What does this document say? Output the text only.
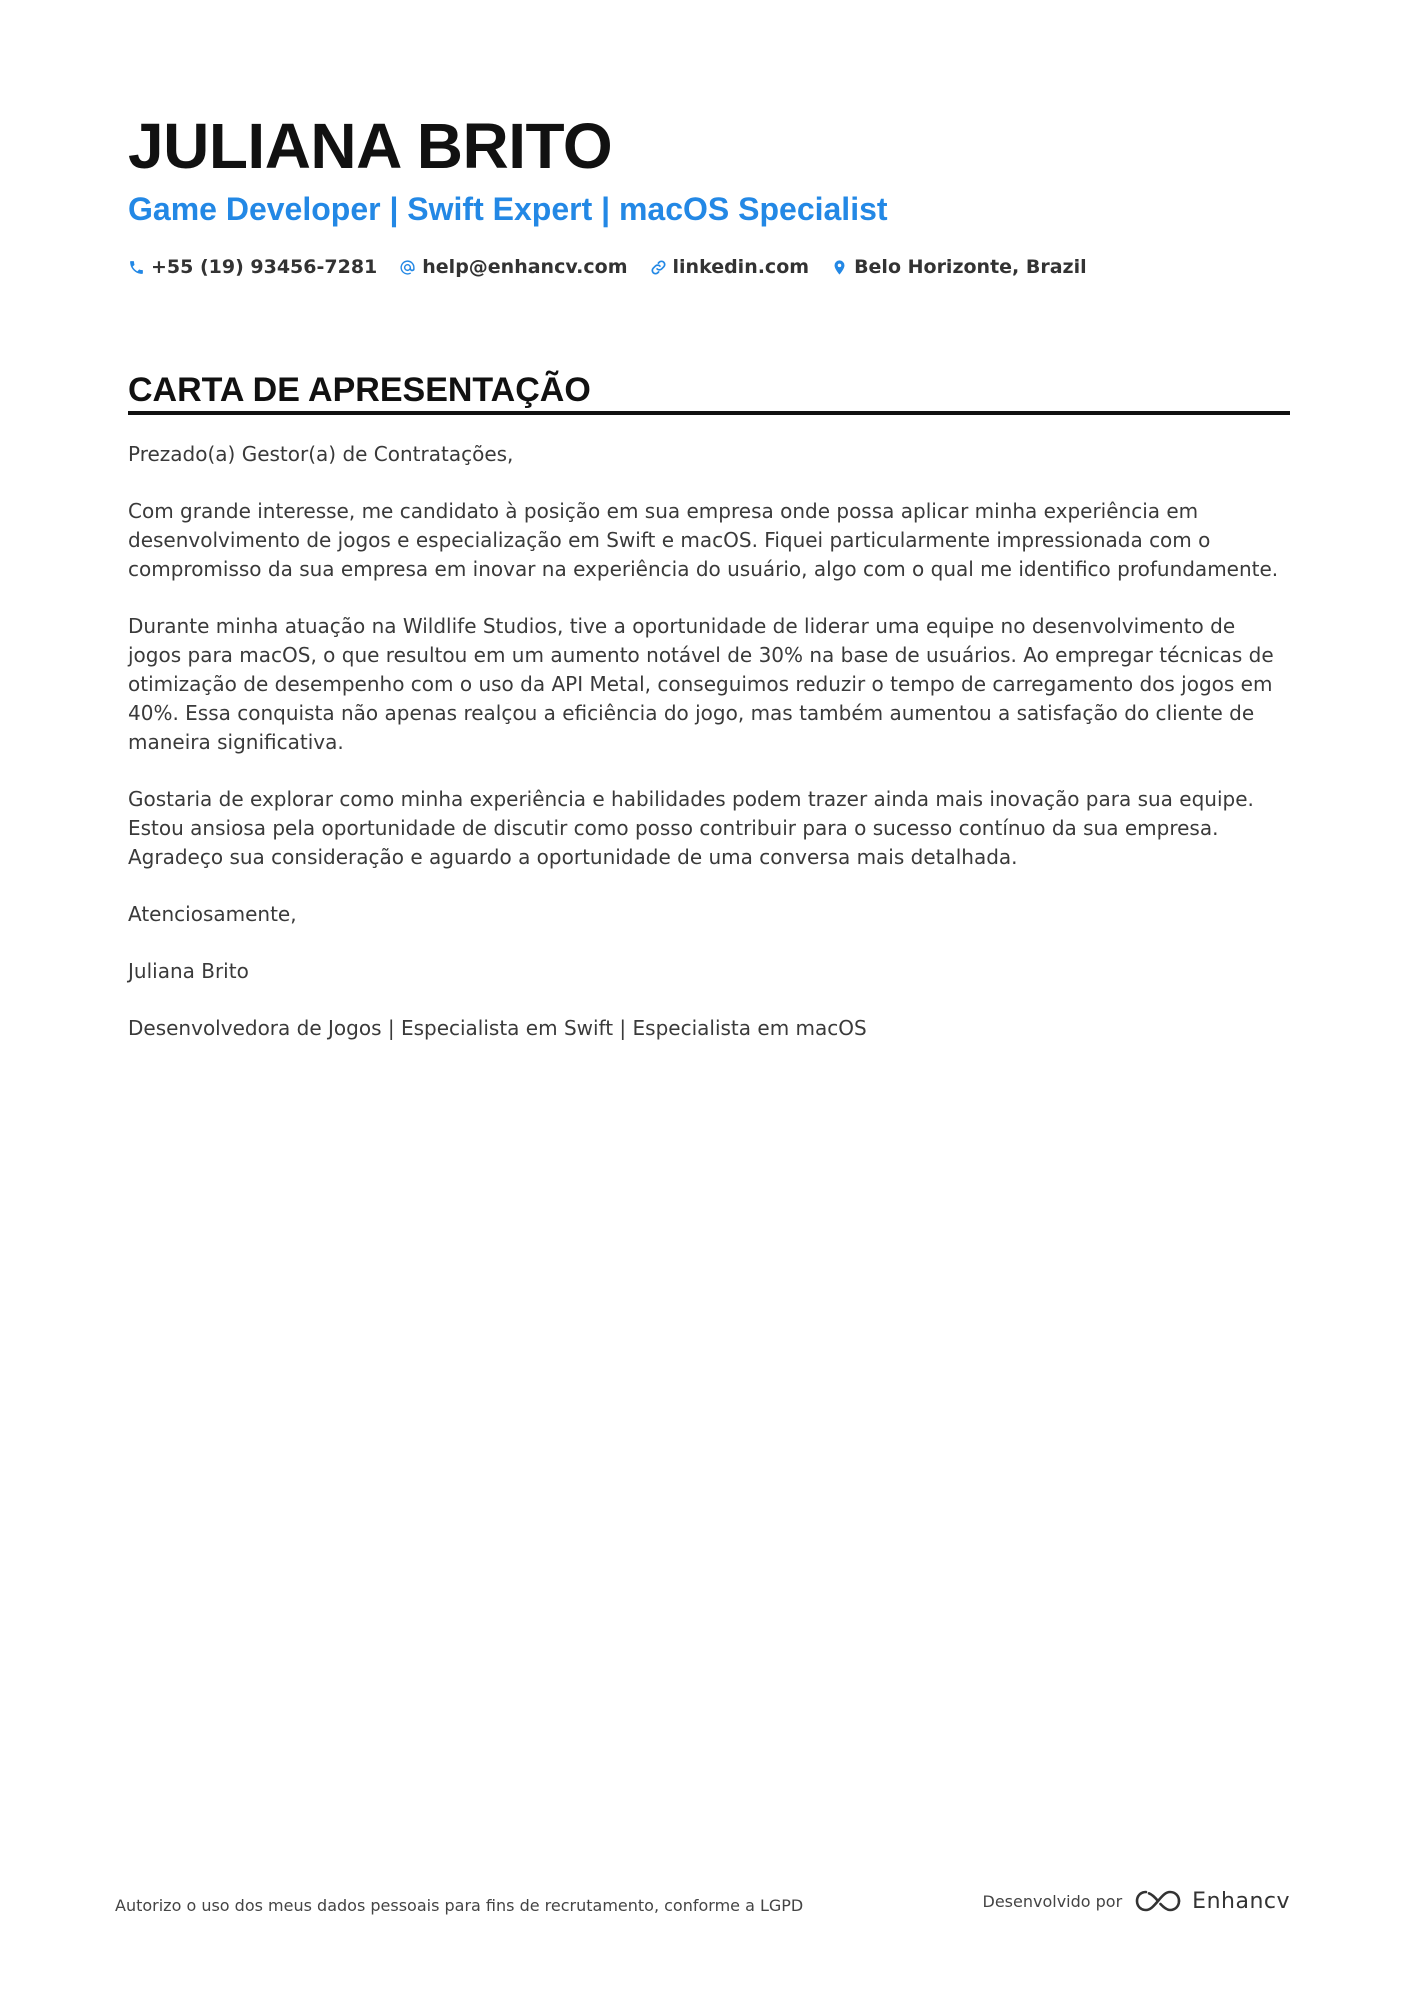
JULIANA BRITO
Game Developer | Swift Expert | macOS Specialist
+55 (19) 93456-7281 help@enhancv.com linkedin.com Belo Horizonte, Brazil
CARTA DE APRESENTAÇÃO

Prezado(a) Gestor(a) de Contratações,

Com grande interesse, me candidato à posição em sua empresa onde possa aplicar minha experiência em desenvolvimento de jogos e especialização em Swift e macOS. Fiquei particularmente impressionada com o compromisso da sua empresa em inovar na experiência do usuário, algo com o qual me identifico profundamente.

Durante minha atuação na Wildlife Studios, tive a oportunidade de liderar uma equipe no desenvolvimento de jogos para macOS, o que resultou em um aumento notável de 30% na base de usuários. Ao empregar técnicas de otimização de desempenho com o uso da API Metal, conseguimos reduzir o tempo de carregamento dos jogos em 40%. Essa conquista não apenas realçou a eficiência do jogo, mas também aumentou a satisfação do cliente de maneira significativa.

Gostaria de explorar como minha experiência e habilidades podem trazer ainda mais inovação para sua equipe. Estou ansiosa pela oportunidade de discutir como posso contribuir para o sucesso contínuo da sua empresa. Agradeço sua consideração e aguardo a oportunidade de uma conversa mais detalhada.

Atenciosamente,

Juliana Brito

Desenvolvedora de Jogos | Especialista em Swift | Especialista em macOS

Autorizo o uso dos meus dados pessoais para fins de recrutamento, conforme a LGPD	Desenvolvido por	Enhancv
